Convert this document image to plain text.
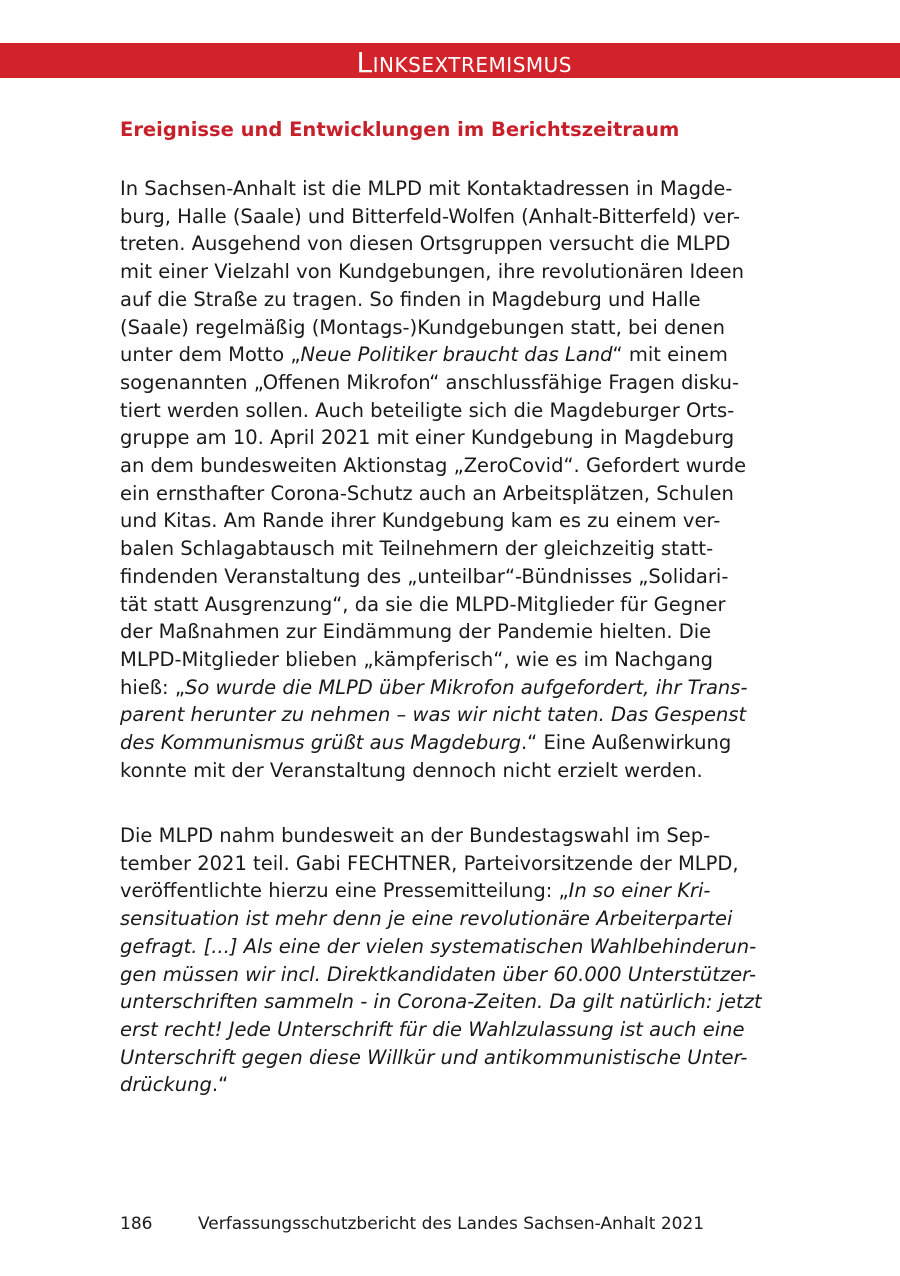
Linksextremismus
Ereignisse und Entwicklungen im Berichtszeitraum
In Sachsen-Anhalt ist die MLPD mit Kontaktadressen in Magde-
burg, Halle (Saale) und Bitterfeld-Wolfen (Anhalt-Bitterfeld) ver-
treten. Ausgehend von diesen Ortsgruppen versucht die MLPD
mit einer Vielzahl von Kundgebungen, ihre revolutionären Ideen
auf die Straße zu tragen. So finden in Magdeburg und Halle
(Saale) regelmäßig (Montags-)Kundgebungen statt, bei denen
unter dem Motto „Neue Politiker braucht das Land“ mit einem
sogenannten „Offenen Mikrofon“ anschlussfähige Fragen disku-
tiert werden sollen. Auch beteiligte sich die Magdeburger Orts-
gruppe am 10. April 2021 mit einer Kundgebung in Magdeburg
an dem bundesweiten Aktionstag „ZeroCovid“. Gefordert wurde
ein ernsthafter Corona-Schutz auch an Arbeitsplätzen, Schulen
und Kitas. Am Rande ihrer Kundgebung kam es zu einem ver-
balen Schlagabtausch mit Teilnehmern der gleichzeitig statt-
findenden Veranstaltung des „unteilbar“-Bündnisses „Solidari-
tät statt Ausgrenzung“, da sie die MLPD-Mitglieder für Gegner
der Maßnahmen zur Eindämmung der Pandemie hielten. Die
MLPD-Mitglieder blieben „kämpferisch“, wie es im Nachgang
hieß: „So wurde die MLPD über Mikrofon aufgefordert, ihr Trans-
parent herunter zu nehmen – was wir nicht taten. Das Gespenst
des Kommunismus grüßt aus Magdeburg.“ Eine Außenwirkung
konnte mit der Veranstaltung dennoch nicht erzielt werden.
Die MLPD nahm bundesweit an der Bundestagswahl im Sep-
tember 2021 teil. Gabi FECHTNER, Parteivorsitzende der MLPD,
veröffentlichte hierzu eine Pressemitteilung: „In so einer Kri-
sensituation ist mehr denn je eine revolutionäre Arbeiterpartei
gefragt. [...] Als eine der vielen systematischen Wahlbehinderun-
gen müssen wir incl. Direktkandidaten über 60.000 Unterstützer-
unterschriften sammeln - in Corona-Zeiten. Da gilt natürlich: jetzt
erst recht! Jede Unterschrift für die Wahlzulassung ist auch eine
Unterschrift gegen diese Willkür und antikommunistische Unter-
drückung.“
186	Verfassungsschutzbericht des Landes Sachsen-Anhalt 2021
